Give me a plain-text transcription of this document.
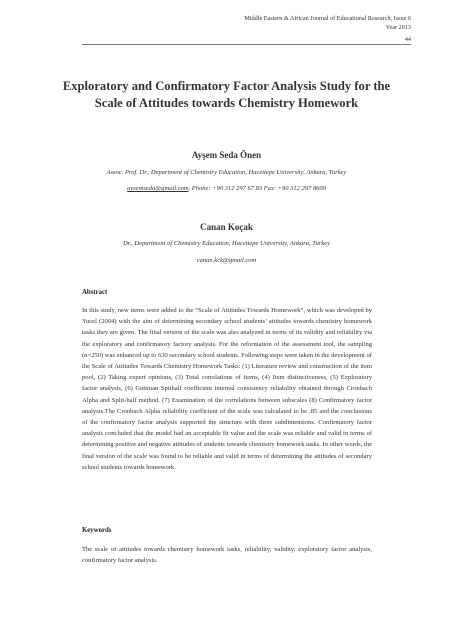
Middle Eastern & African Journal of Educational Research, Issue 6
Year 2013
44
Exploratory and Confirmatory Factor Analysis Study for the Scale of Attitudes towards Chemistry Homework
Ayşem Seda Önen
Assoc. Prof. Dr., Department of Chemistry Education, Hacettepe University, Ankara, Turkey
aysemseda@gmail.com, Phone: +90 312 297 67 83 Fax: +90 312 297 8600
Canan Koçak
Dr., Department of Chemistry Education, Hacettepe University, Ankara, Turkey
canan.kck@gmail.com
Abstract
In this study, new items were added to the “Scale of Attitudes Towards Homework”, which was developed by Yucel (2004) with the aim of determining secondary school students’ attitudes towards chemistry homework tasks they are given. The final version of the scale was also analyzed in terms of its validity and reliability via the exploratory and confirmatory factory analysis. For the reformation of the assessment tool, the sampling (n=250) was enhanced up to 630 secondary school students. Following steps were taken in the development of the Scale of Attitudes Towards Chemistry Homework Tasks: (1) Literature review and construction of the item pool, (2) Taking expert opinions, (3) Total correlations of items, (4) Item distinctiveness, (5) Exploratory factor analysis, (6) Guttman Spithalf coefficient internal consistency reliability obtained through Cronbach Alpha and Split-half method. (7) Examination of the correlations between subscales (8) Confirmatory factor analysis.The Cronbach Alpha reliability coefficient of the scale was calculated to be .85 and the conclusions of the confirmatory factor analysis supported the structure with three subdimensions. Confirmatory factor analysis concluded that the model had an acceptable fit value and the scale was reliable and valid in terms of determining positive and negative attitudes of students towards chemistry homework tasks. In other words, the final version of the scale was found to be reliable and valid in terms of determining the attitudes of secondary school students towards homework.
Keywords
The scale of attitudes towards chemistry homework tasks, reliability, validity, exploratory factor analysis, confirmatory factor analysis.
